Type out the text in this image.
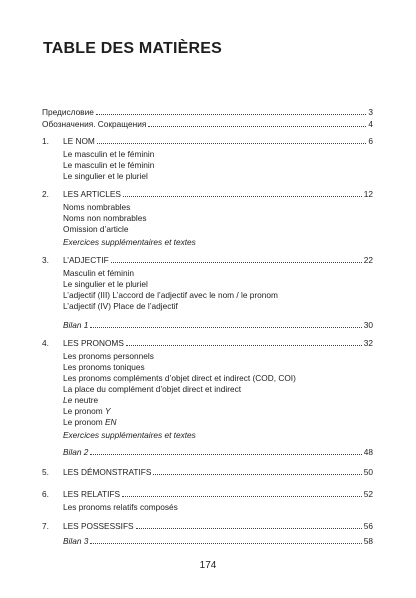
TABLE DES MATIÈRES
Предисловие	3
Обозначения. Сокращения	4
1. LE NOM	6
Le masculin et le féminin
Le masculin et le féminin
Le singulier et le pluriel
2. LES ARTICLES	12
Noms nombrables
Noms non nombrables
Omission d’article
Exercices supplémentaires et textes
3. L’ADJECTIF	22
Masculin et féminin
Le singulier et le pluriel
L’adjectif (III) L’accord de l’adjectif avec le nom / le pronom
L’adjectif (IV) Place de l’adjectif
Bilan 1	30
4. LES PRONOMS	32
Les pronoms personnels
Les pronoms toniques
Les pronoms compléments d’objet direct et indirect (COD, COI)
La place du complément d’objet direct et indirect
Le neutre
Le pronom Y
Le pronom EN
Exercices supplémentaires et textes
Bilan 2	48
5. LES DÉMONSTRATIFS	50
6. LES RELATIFS	52
Les pronoms relatifs composés
7. LES POSSESSIFS	56
Bilan 3	58
174
